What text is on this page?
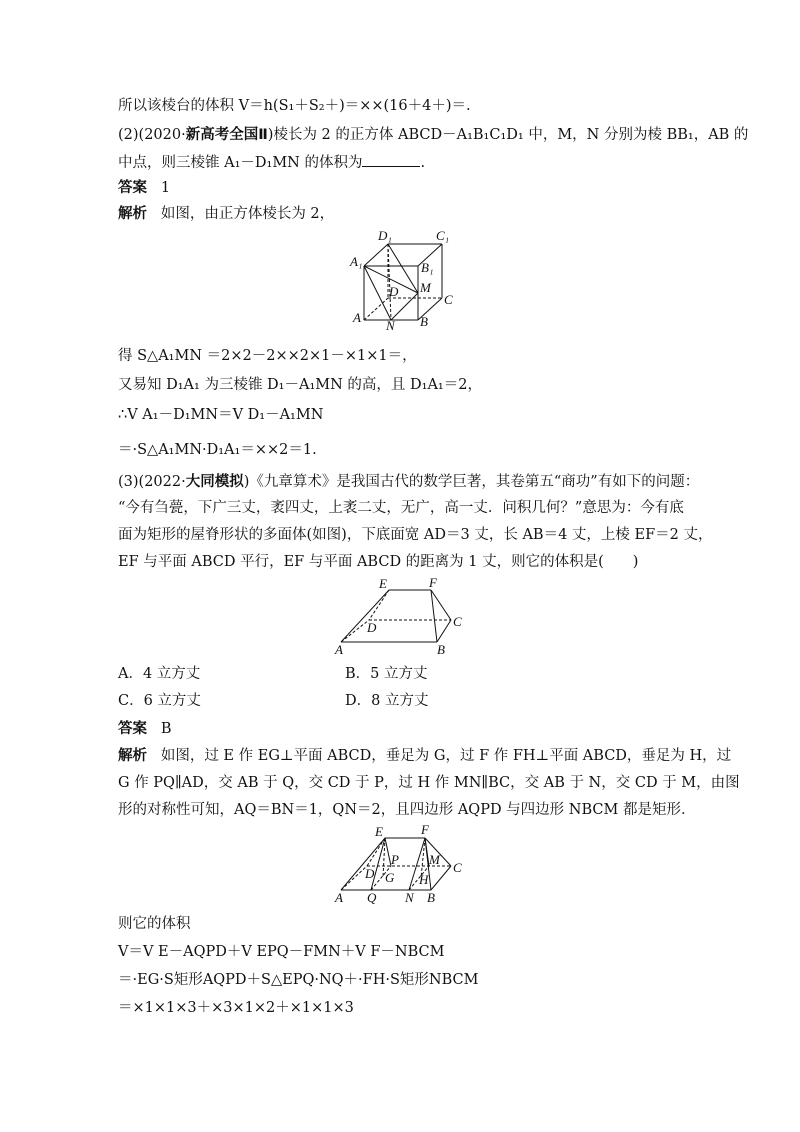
所以该棱台的体积 V＝h(S₁＋S₂＋)＝××(16＋4＋)＝.
(2)(2020·新高考全国Ⅱ)棱长为 2 的正方体 ABCD－A₁B₁C₁D₁ 中，M，N 分别为棱 BB₁，AB 的
中点，则三棱锥 A₁－D₁MN 的体积为	.
答案 1
解析 如图，由正方体棱长为 2，
D₁	C₁
A₁	B₁
D M
C
A
N B
得 S△A₁MN ＝2×2－2××2×1－×1×1＝，
又易知 D₁A₁ 为三棱锥 D₁－A₁MN 的高，且 D₁A₁＝2，
∴V A₁－D₁MN＝V D₁－A₁MN
＝·S△A₁MN·D₁A₁＝××2＝1.
(3)(2022·大同模拟)《九章算术》是我国古代的数学巨著，其卷第五“商功”有如下的问题：
“今有刍甍，下广三丈，袤四丈，上袤二丈，无广，高一丈．问积几何？”意思为：今有底
面为矩形的屋脊形状的多面体(如图)，下底面宽 AD＝3 丈，长 AB＝4 丈，上棱 EF＝2 丈，
EF 与平面 ABCD 平行，EF 与平面 ABCD 的距离为 1 丈，则它的体积是(　　)
E	F
D	C
A	B
A．4 立方丈	B．5 立方丈
C．6 立方丈	D．8 立方丈
答案 B
解析 如图，过 E 作 EG⊥平面 ABCD，垂足为 G，过 F 作 FH⊥平面 ABCD，垂足为 H，过
G 作 PQ∥AD，交 AB 于 Q，交 CD 于 P，过 H 作 MN∥BC，交 AB 于 N，交 CD 于 M，由图
形的对称性可知，AQ＝BN＝1，QN＝2，且四边形 AQPD 与四边形 NBCM 都是矩形．
E	F
P M
D G H
C
A Q N B
则它的体积
V＝V E－AQPD＋V EPQ－FMN＋V F－NBCM
＝·EG·S矩形AQPD＋S△EPQ·NQ＋·FH·S矩形NBCM
＝×1×1×3＋×3×1×2＋×1×1×3
